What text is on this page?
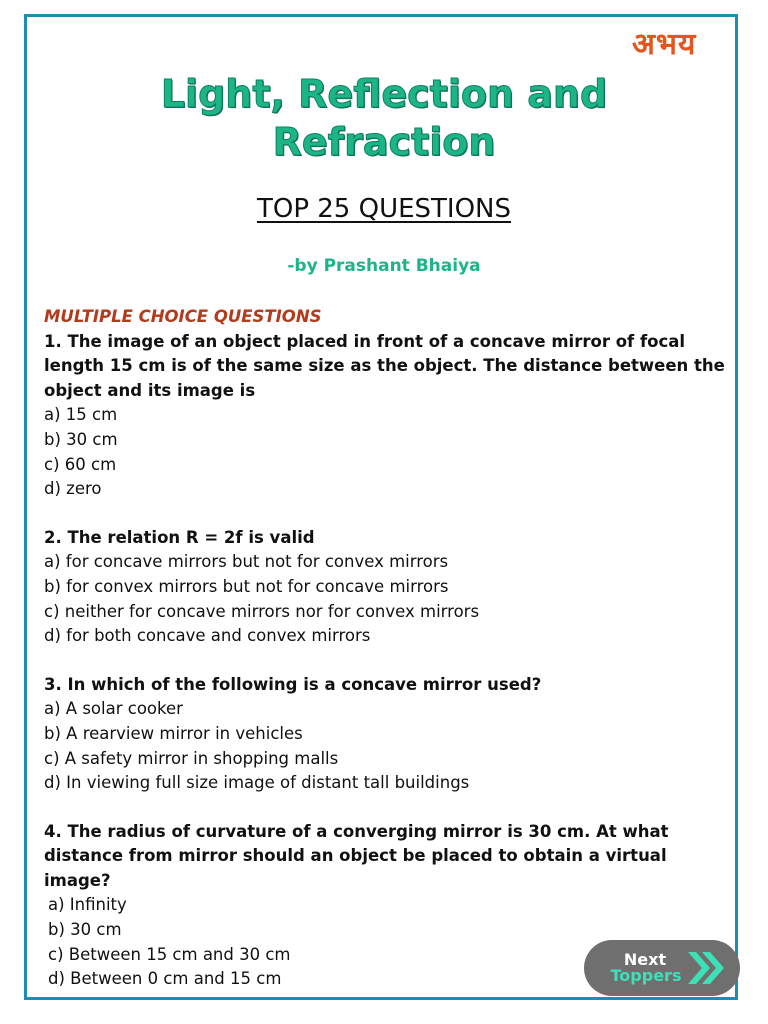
अभय
Light, Reflection and
Refraction
TOP 25 QUESTIONS
-by Prashant Bhaiya
MULTIPLE CHOICE QUESTIONS
1. The image of an object placed in front of a concave mirror of focal
length 15 cm is of the same size as the object. The distance between the
object and its image is
a) 15 cm
b) 30 cm
c) 60 cm
d) zero
2. The relation R = 2f is valid
a) for concave mirrors but not for convex mirrors
b) for convex mirrors but not for concave mirrors
c) neither for concave mirrors nor for convex mirrors
d) for both concave and convex mirrors
3. In which of the following is a concave mirror used?
a) A solar cooker
b) A rearview mirror in vehicles
c) A safety mirror in shopping malls
d) In viewing full size image of distant tall buildings
4. The radius of curvature of a converging mirror is 30 cm. At what
distance from mirror should an object be placed to obtain a virtual image?
a) Infinity
b) 30 cm
c) Between 15 cm and 30 cm
d) Between 0 cm and 15 cm
Next
Toppers
